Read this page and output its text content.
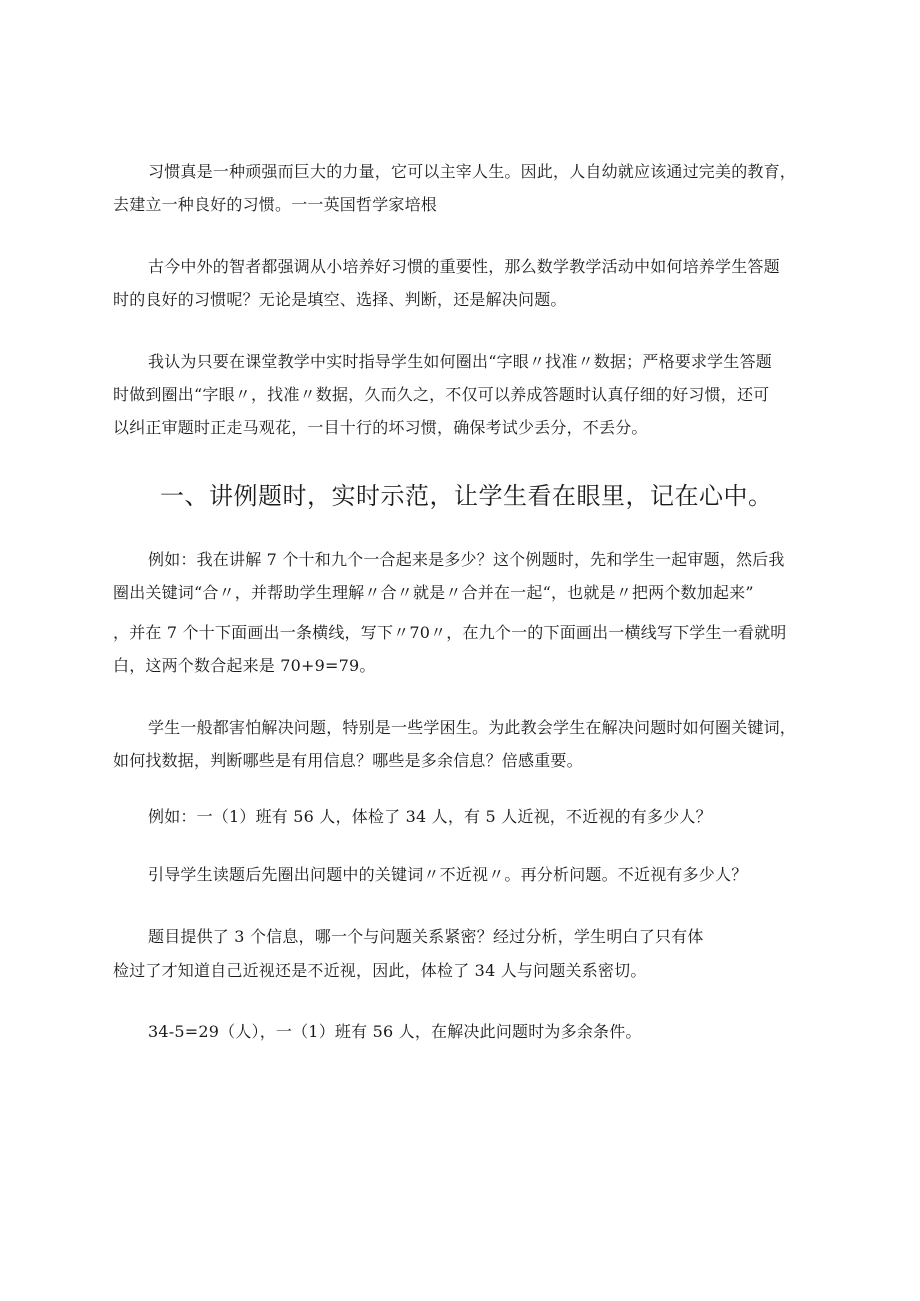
习惯真是一种顽强而巨大的力量，它可以主宰人生。因此，人自幼就应该通过完美的教育，
去建立一种良好的习惯。一一英国哲学家培根
古今中外的智者都强调从小培养好习惯的重要性，那么数学教学活动中如何培养学生答题
时的良好的习惯呢？无论是填空、选择、判断，还是解决问题。
我认为只要在课堂教学中实时指导学生如何圈出“字眼〃找准〃数据；严格要求学生答题
时做到圈出“字眼〃，找准〃数据，久而久之，不仅可以养成答题时认真仔细的好习惯，还可
以纠正审题时正走马观花，一目十行的坏习惯，确保考试少丢分，不丢分。
一、讲例题时，实时示范，让学生看在眼里，记在心中。
例如：我在讲解 7 个十和九个一合起来是多少？这个例题时，先和学生一起审题，然后我
圈出关键词“合〃，并帮助学生理解〃合〃就是〃合并在一起“，也就是〃把两个数加起来”
，并在 7 个十下面画出一条横线，写下〃70〃，在九个一的下面画出一横线写下学生一看就明
白，这两个数合起来是 70+9=79。
学生一般都害怕解决问题，特别是一些学困生。为此教会学生在解决问题时如何圈关键词，
如何找数据，判断哪些是有用信息？哪些是多余信息？倍感重要。
例如：一（1）班有 56 人，体检了 34 人，有 5 人近视，不近视的有多少人？
引导学生读题后先圈出问题中的关键词〃不近视〃。再分析问题。不近视有多少人？
题目提供了 3 个信息，哪一个与问题关系紧密？经过分析，学生明白了只有体
检过了才知道自己近视还是不近视，因此，体检了 34 人与问题关系密切。
34-5=29（人），一（1）班有 56 人，在解决此问题时为多余条件。
